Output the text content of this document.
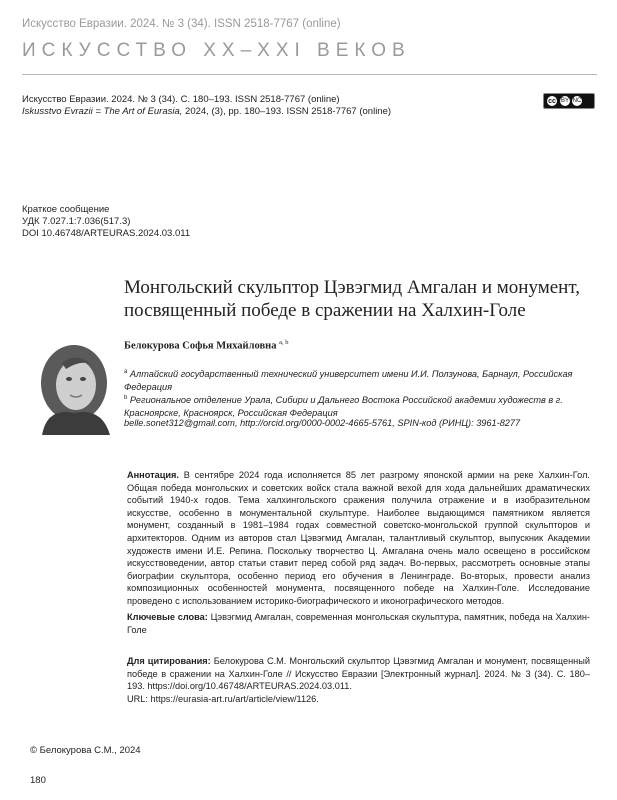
Искусство Евразии. 2024. № 3 (34). ISSN 2518-7767 (online)
ИСКУССТВО XX–XXI ВЕКОВ
Искусство Евразии. 2024. № 3 (34). С. 180–193. ISSN 2518-7767 (online)
Iskusstvo Evrazii = The Art of Eurasia, 2024, (3), pp. 180–193. ISSN 2518-7767 (online)
cc BY NC
Краткое сообщение
УДК 7.027.1:7.036(517.3)
DOI 10.46748/ARTEURAS.2024.03.011
Монгольский скульптор Цэвэгмид Амгалан и монумент, посвященный победе в сражении на Халхин-Голе
Белокурова Софья Михайловна $^{a, b}$
$^a$ Алтайский государственный технический университет имени И.И. Ползунова, Барнаул, Российская Федерация
$^b$ Региональное отделение Урала, Сибири и Дальнего Востока Российской академии художеств в г. Красноярске, Красноярск, Российская Федерация
belle.sonet312@gmail.com, http://orcid.org/0000-0002-4665-5761, SPIN-код (РИНЦ): 3961-8277
Аннотация. В сентябре 2024 года исполняется 85 лет разгрому японской армии на реке Халхин-Гол. Общая победа монгольских и советских войск стала важной вехой для хода дальнейших драматических событий 1940-х годов. Тема халхингольского сражения получила отражение и в изобразительном искусстве, особенно в монументальной скульптуре. Наиболее выдающимся памятником является монумент, созданный в 1981–1984 годах совместной советско-монгольской группой скульпторов и архитекторов. Одним из авторов стал Цэвэгмид Амгалан, талантливый скульптор, выпускник Академии художеств имени И.Е. Репина. Поскольку творчество Ц. Амгалана очень мало освещено в российском искусствоведении, автор статьи ставит перед собой ряд задач. Во-первых, рассмотреть основные этапы биографии скульптора, особенно период его обучения в Ленинграде. Во-вторых, провести анализ композиционных особенностей монумента, посвященного победе на Халхин-Голе. Исследование проведено с использованием историко-биографического и иконографического методов.
Ключевые слова: Цэвэгмид Амгалан, современная монгольская скульптура, памятник, победа на Халхин-Голе
Для цитирования: Белокурова С.М. Монгольский скульптор Цэвэгмид Амгалан и монумент, посвященный победе в сражении на Халхин-Голе // Искусство Евразии [Электронный журнал]. 2024. № 3 (34). С. 180–193. https://doi.org/10.46748/ARTEURAS.2024.03.011.
URL: https://eurasia-art.ru/art/article/view/1126.
© Белокурова С.М., 2024
180
